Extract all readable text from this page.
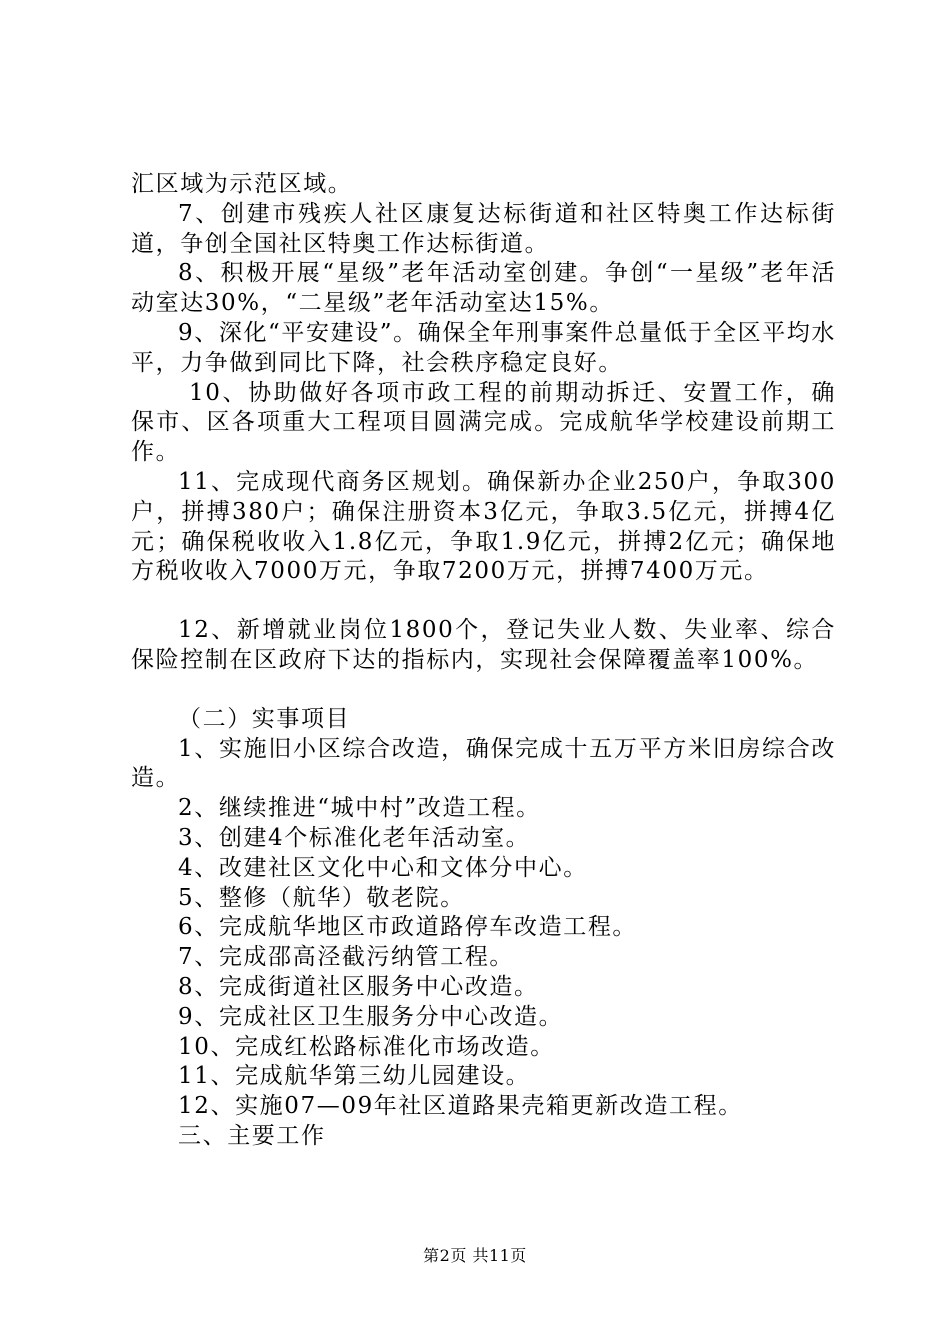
汇区域为示范区域。

7、创建市残疾人社区康复达标街道和社区特奥工作达标街道，争创全国社区特奥工作达标街道。

8、积极开展“星级”老年活动室创建。争创“一星级”老年活动室达30%，“二星级”老年活动室达15%。

9、深化“平安建设”。确保全年刑事案件总量低于全区平均水平，力争做到同比下降，社会秩序稳定良好。

10、协助做好各项市政工程的前期动拆迁、安置工作，确保市、区各项重大工程项目圆满完成。完成航华学校建设前期工作。

11、完成现代商务区规划。确保新办企业250户，争取300户，拼搏380户；确保注册资本3亿元，争取3.5亿元，拼搏4亿元；确保税收收入1.8亿元，争取1.9亿元，拼搏2亿元；确保地方税收收入7000万元，争取7200万元，拼搏7400万元。

12、新增就业岗位1800个，登记失业人数、失业率、综合保险控制在区政府下达的指标内，实现社会保障覆盖率100%。

（二）实事项目

1、实施旧小区综合改造，确保完成十五万平方米旧房综合改造。

2、继续推进“城中村”改造工程。

3、创建4个标准化老年活动室。

4、改建社区文化中心和文体分中心。

5、整修（航华）敬老院。

6、完成航华地区市政道路停车改造工程。

7、完成邵高泾截污纳管工程。

8、完成街道社区服务中心改造。

9、完成社区卫生服务分中心改造。

10、完成红松路标准化市场改造。

11、完成航华第三幼儿园建设。

12、实施07—09年社区道路果壳箱更新改造工程。

三、主要工作

第2页 共11页
